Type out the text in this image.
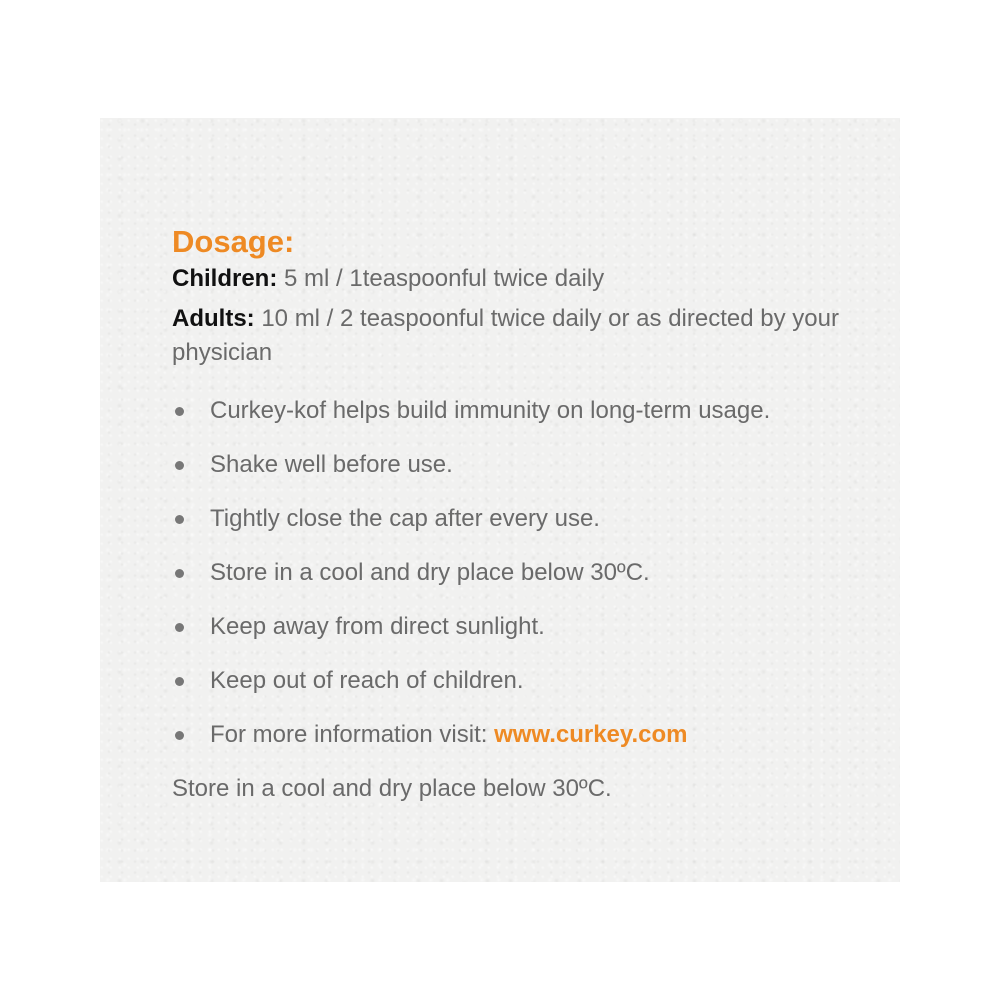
Dosage:

Children: 5 ml / 1teaspoonful twice daily

Adults: 10 ml / 2 teaspoonful twice daily or as directed by your physician

Curkey-kof helps build immunity on long-term usage.
Shake well before use.
Tightly close the cap after every use.
Store in a cool and dry place below 30ºC.
Keep away from direct sunlight.
Keep out of reach of children.
For more information visit: www.curkey.com

Store in a cool and dry place below 30ºC.
